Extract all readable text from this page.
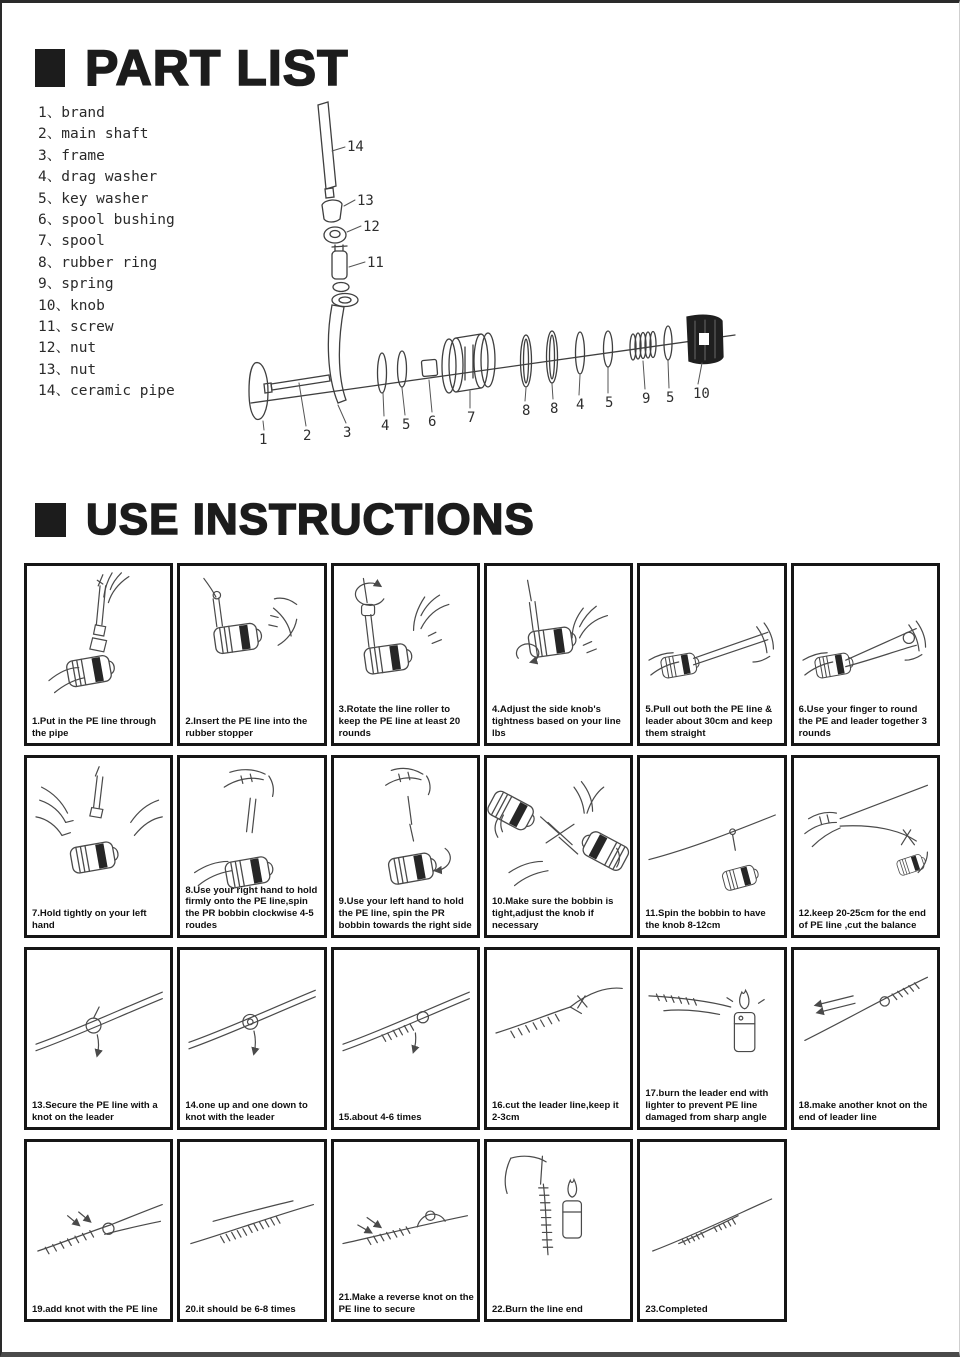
PART LIST
1、brand
2、main shaft
3、frame
4、drag washer
5、key washer
6、spool bushing
7、spool
8、rubber ring
9、spring
10、knob
11、screw
12、nut
13、nut
14、ceramic pipe
14
13
12
11
1	2 3 4 5 6 7	8 8 4 5 9 5 10
USE INSTRUCTIONS
1.Put in the PE line through the pipe
2.Insert the PE line into the rubber stopper
3.Rotate the line roller to keep the PE line at least 20 rounds
4.Adjust the side knob's tightness based on your line lbs
5.Pull out both the PE line & leader about 30cm and keep them straight
6.Use your finger to round the PE and leader together 3 rounds
7.Hold tightly on your left hand
8.Use your right hand to hold firmly onto the PE line,spin the PR bobbin clockwise 4-5 roudes
9.Use your left hand to hold the PE line, spin the PR bobbin towards the right side
10.Make sure the bobbin is tight,adjust the knob if necessary
11.Spin the bobbin to have the knob 8-12cm
12.keep 20-25cm for the end of PE line ,cut the balance
13.Secure the PE line with a knot on the leader
14.one up and one down to knot with the leader	15.about 4-6 times
16.cut the leader line,keep it 2-3cm
17.burn the leader end with lighter to prevent PE line damaged from sharp angle
18.make another knot on the end of leader line
19.add knot with the PE line	20.it should be 6-8 times
21.Make a reverse knot on the PE line to secure	22.Burn the line end	23.Completed
